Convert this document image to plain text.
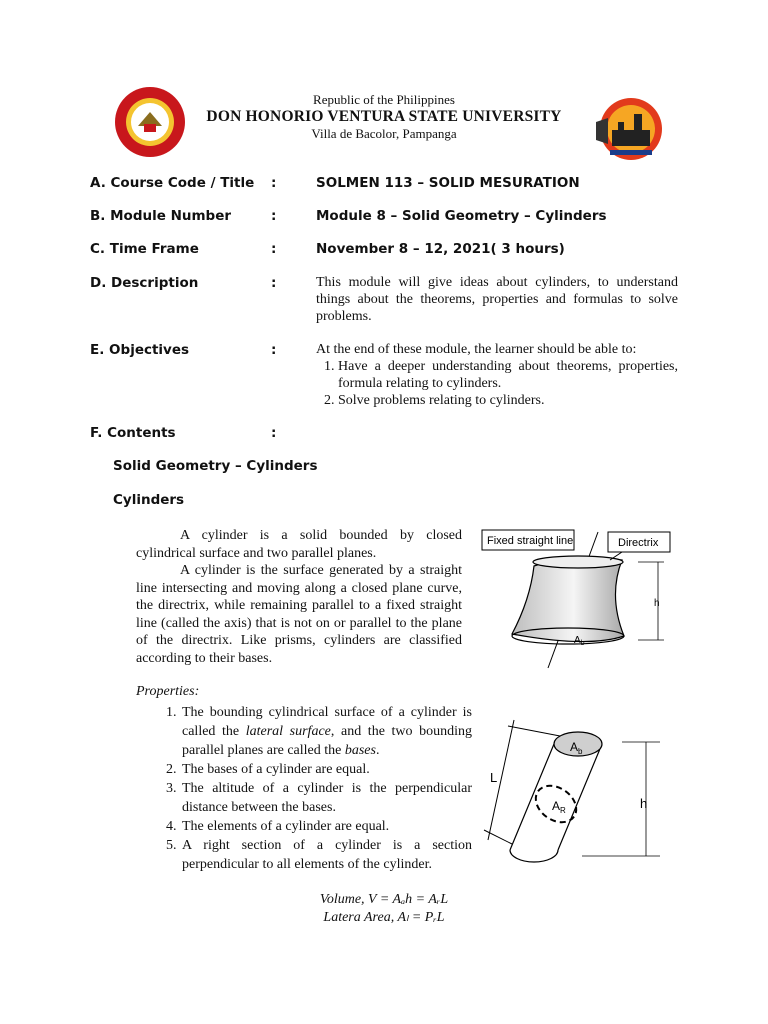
Republic of the Philippines
DON HONORIO VENTURA STATE UNIVERSITY
Villa de Bacolor, Pampanga
A. Course Code / Title :	SOLMEN 113 – SOLID MESURATION
B. Module Number	:	Module 8 – Solid Geometry – Cylinders
C. Time Frame	:	November 8 – 12, 2021( 3 hours)
D. Description	:	This module will give ideas about cylinders, to understand things about the theorems, properties and formulas to solve problems.
E. Objectives	:	At the end of these module, the learner should be able to:
1. Have a deeper understanding about theorems, properties, formula relating to cylinders.
2. Solve problems relating to cylinders.
F. Contents	:
Solid Geometry – Cylinders
Cylinders

A cylinder is a solid bounded by closed cylindrical surface and two parallel planes.

A cylinder is the surface generated by a straight line intersecting and moving along a closed plane curve, the directrix, while remaining parallel to a fixed straight line (called the axis) that is not on or parallel to the plane of the directrix. Like prisms, cylinders are classified according to their bases.

Fixed straight line	Directrix
h
$A_b$
Properties:
1. The bounding cylindrical surface of a cylinder is called the lateral surface, and the two bounding parallel planes are called the bases.
2. The bases of a cylinder are equal.
3. The altitude of a cylinder is the perpendicular distance between the bases.
4. The elements of a cylinder are equal.
5. A right section of a cylinder is a section perpendicular to all elements of the cylinder.
L
$A_b$
$A_R$	h
Volume, V = Aₐh = AᵣL
Latera Area, Aₗ = PᵣL
